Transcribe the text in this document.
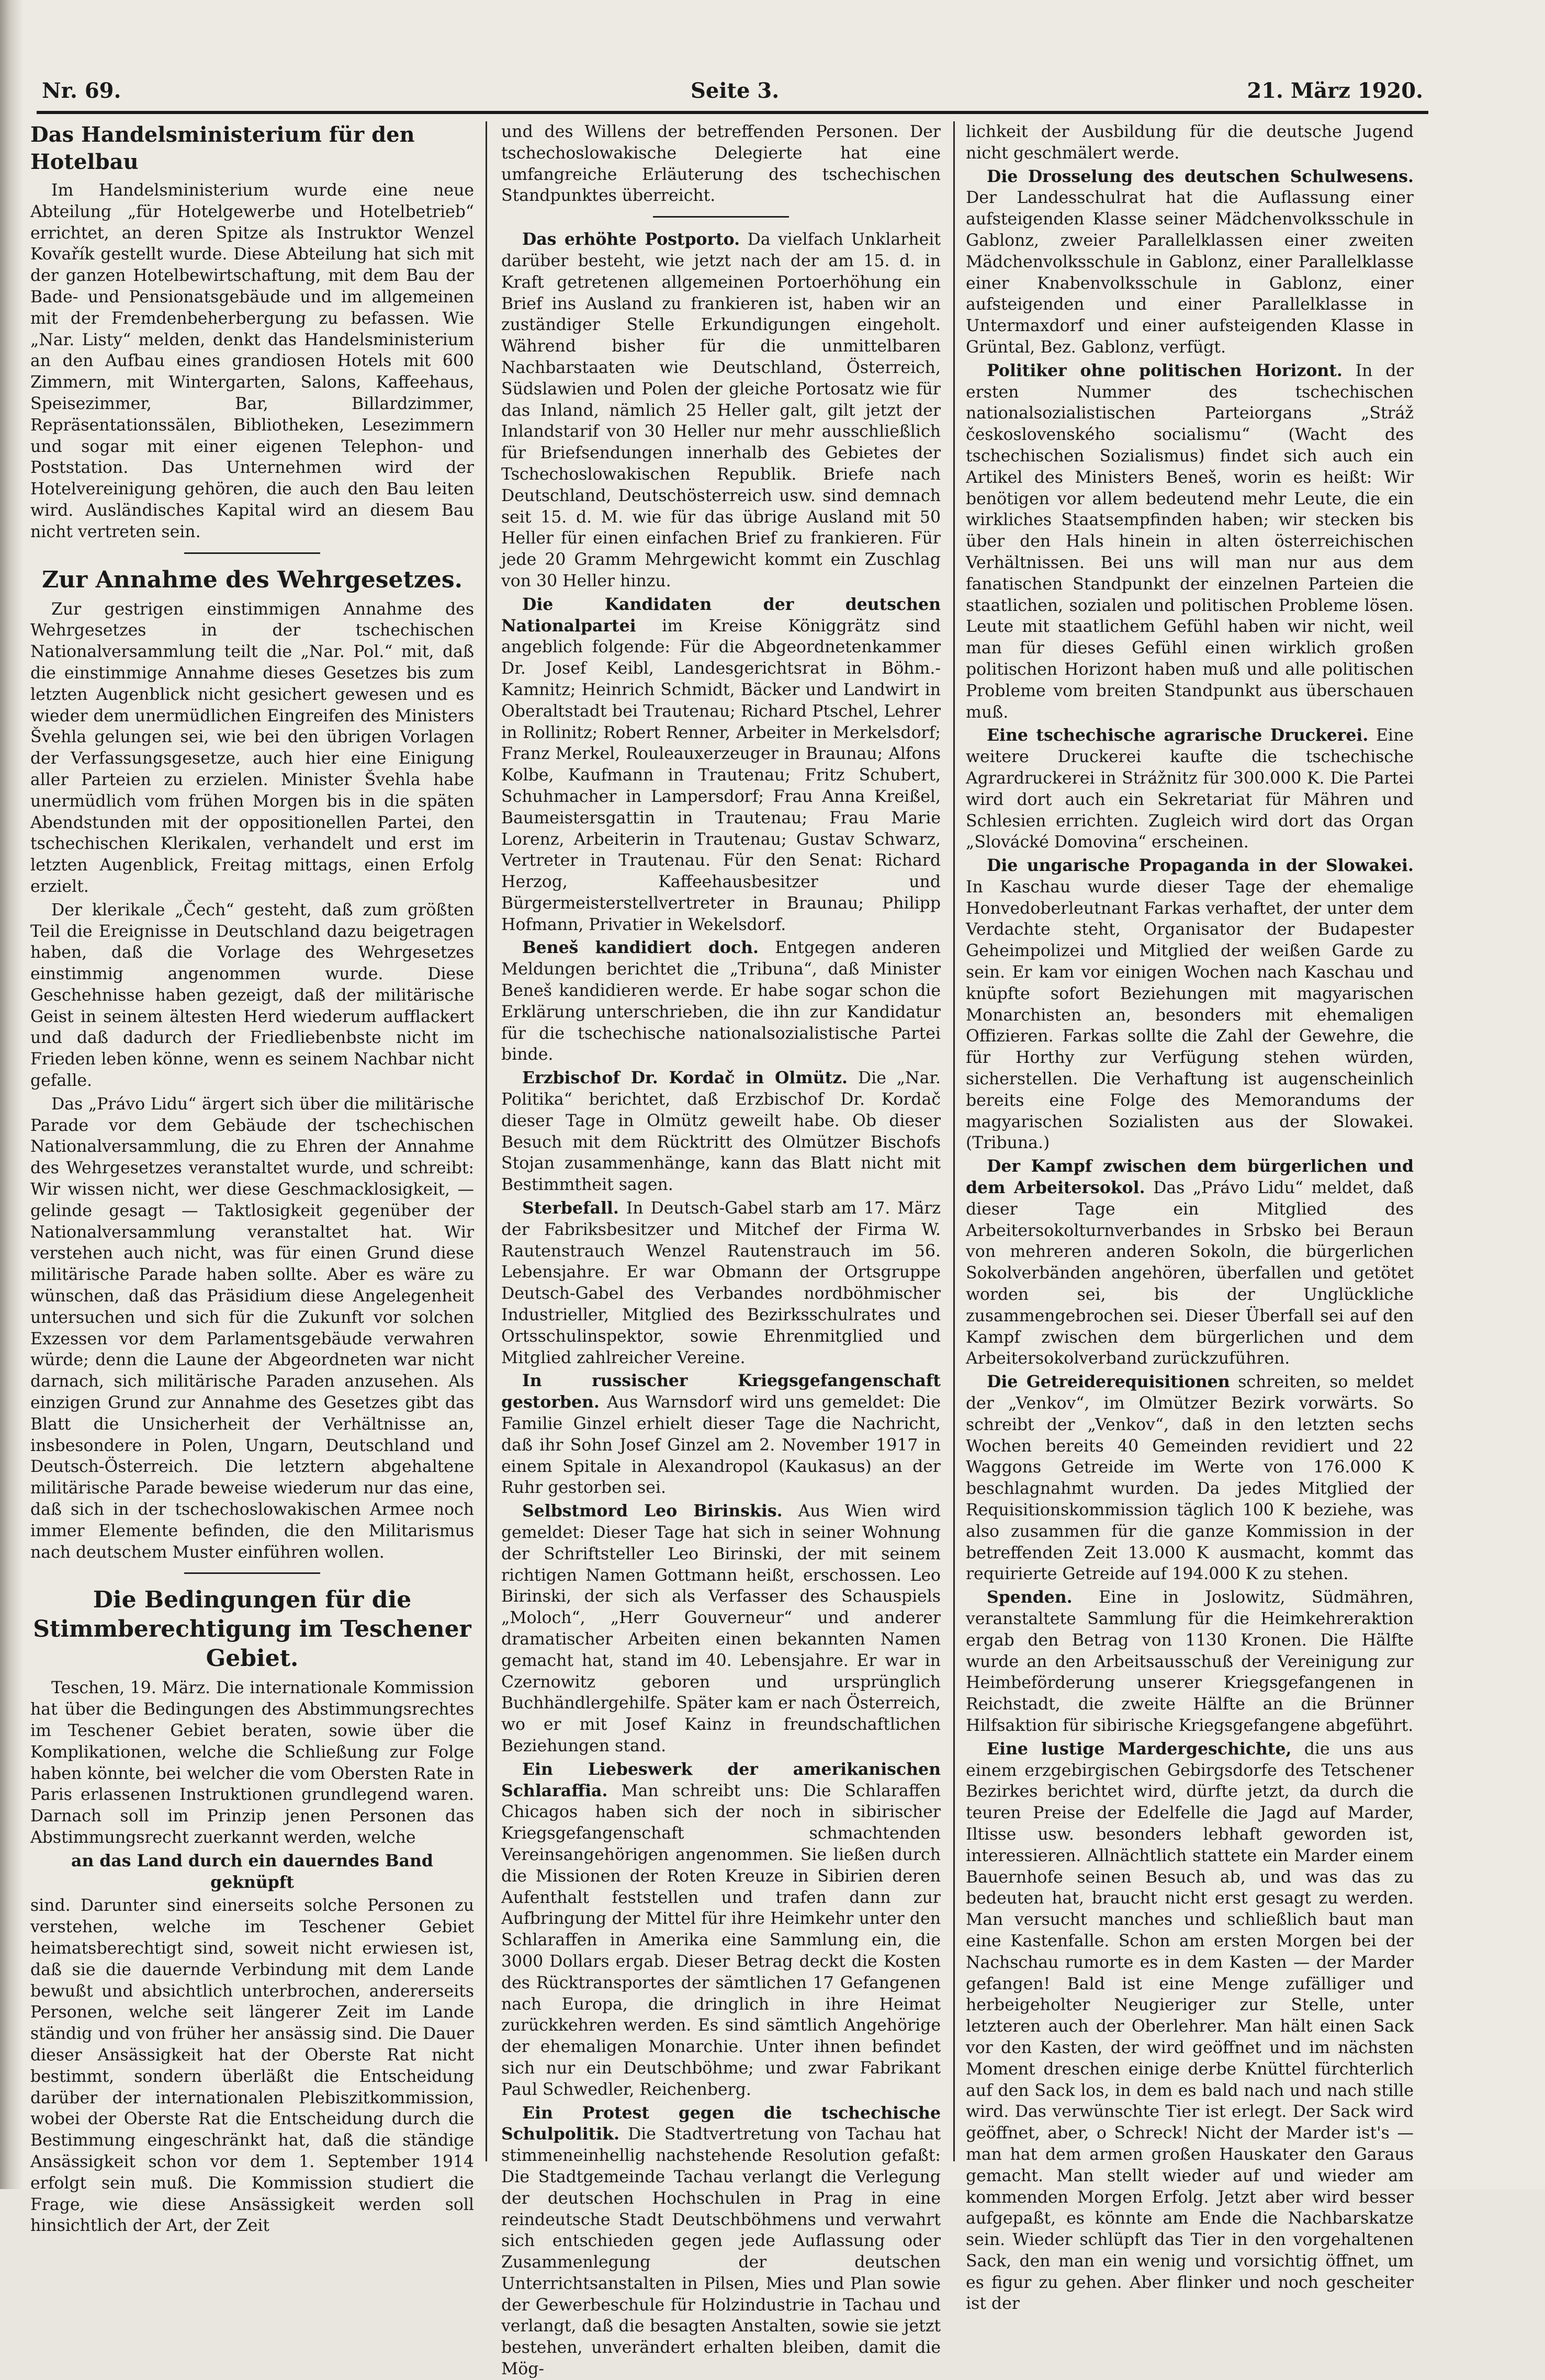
Nr. 69.	Seite 3.	21. März 1920.
Das Handelsministerium für den Hotelbau

Im Handelsministerium wurde eine neue Abteilung „für Hotelgewerbe und Hotelbetrieb“ errichtet, an deren Spitze als Instruktor Wenzel Kovařík gestellt wurde. Diese Abteilung hat sich mit der ganzen Hotelbewirtschaftung, mit dem Bau der Bade- und Pensionatsgebäude und im allgemeinen mit der Fremdenbeherbergung zu befassen. Wie „Nar. Listy“ melden, denkt das Handelsministerium an den Aufbau eines grandiosen Hotels mit 600 Zimmern, mit Wintergarten, Salons, Kaffeehaus, Speisezimmer, Bar, Billardzimmer, Repräsentationssälen, Bibliotheken, Lesezimmern und sogar mit einer eigenen Telephon- und Poststation. Das Unternehmen wird der Hotelvereinigung gehören, die auch den Bau leiten wird. Ausländisches Kapital wird an diesem Bau nicht vertreten sein.

Zur Annahme des Wehrgesetzes.

Zur gestrigen einstimmigen Annahme des Wehrgesetzes in der tschechischen Nationalversammlung teilt die „Nar. Pol.“ mit, daß die einstimmige Annahme dieses Gesetzes bis zum letzten Augenblick nicht gesichert gewesen und es wieder dem unermüdlichen Eingreifen des Ministers Švehla gelungen sei, wie bei den übrigen Vorlagen der Verfassungsgesetze, auch hier eine Einigung aller Parteien zu erzielen. Minister Švehla habe unermüdlich vom frühen Morgen bis in die späten Abendstunden mit der oppositionellen Partei, den tschechischen Klerikalen, verhandelt und erst im letzten Augenblick, Freitag mittags, einen Erfolg erzielt.

Der klerikale „Čech“ gesteht, daß zum größten Teil die Ereignisse in Deutschland dazu beigetragen haben, daß die Vorlage des Wehrgesetzes einstimmig angenommen wurde. Diese Geschehnisse haben gezeigt, daß der militärische Geist in seinem ältesten Herd wiederum aufflackert und daß dadurch der Friedliebenbste nicht im Frieden leben könne, wenn es seinem Nachbar nicht gefalle.

Das „Právo Lidu“ ärgert sich über die militärische Parade vor dem Gebäude der tschechischen Nationalversammlung, die zu Ehren der Annahme des Wehrgesetzes veranstaltet wurde, und schreibt: Wir wissen nicht, wer diese Geschmacklosigkeit, — gelinde gesagt — Taktlosigkeit gegenüber der Nationalversammlung veranstaltet hat. Wir verstehen auch nicht, was für einen Grund diese militärische Parade haben sollte. Aber es wäre zu wünschen, daß das Präsidium diese Angelegenheit untersuchen und sich für die Zukunft vor solchen Exzessen vor dem Parlamentsgebäude verwahren würde; denn die Laune der Abgeordneten war nicht darnach, sich militärische Paraden anzusehen. Als einzigen Grund zur Annahme des Gesetzes gibt das Blatt die Unsicherheit der Verhältnisse an, insbesondere in Polen, Ungarn, Deutschland und Deutsch-Österreich. Die letztern abgehaltene militärische Parade beweise wiederum nur das eine, daß sich in der tschechoslowakischen Armee noch immer Elemente befinden, die den Militarismus nach deutschem Muster einführen wollen.

Die Bedingungen für die Stimmberechtigung im Teschener Gebiet.

Teschen, 19. März. Die internationale Kommission hat über die Bedingungen des Abstimmungsrechtes im Teschener Gebiet beraten, sowie über die Komplikationen, welche die Schließung zur Folge haben könnte, bei welcher die vom Obersten Rate in Paris erlassenen Instruktionen grundlegend waren. Darnach soll im Prinzip jenen Personen das Abstimmungsrecht zuerkannt werden, welche

an das Land durch ein dauerndes Band geknüpft

sind. Darunter sind einerseits solche Personen zu verstehen, welche im Teschener Gebiet heimatsberechtigt sind, soweit nicht erwiesen ist, daß sie die dauernde Verbindung mit dem Lande bewußt und absichtlich unterbrochen, andererseits Personen, welche seit längerer Zeit im Lande ständig und von früher her ansässig sind. Die Dauer dieser Ansässigkeit hat der Oberste Rat nicht bestimmt, sondern überläßt die Entscheidung darüber der internationalen Plebiszitkommission, wobei der Oberste Rat die Entscheidung durch die Bestimmung eingeschränkt hat, daß die ständige Ansässigkeit schon vor dem 1. September 1914 erfolgt sein muß. Die Kommission studiert die Frage, wie diese Ansässigkeit werden soll hinsichtlich der Art, der Zeit

und des Willens der betreffenden Personen. Der tschechoslowakische Delegierte hat eine umfangreiche Erläuterung des tschechischen Standpunktes überreicht.

Das erhöhte Postporto. Da vielfach Unklarheit darüber besteht, wie jetzt nach der am 15. d. in Kraft getretenen allgemeinen Portoerhöhung ein Brief ins Ausland zu frankieren ist, haben wir an zuständiger Stelle Erkundigungen eingeholt. Während bisher für die unmittelbaren Nachbarstaaten wie Deutschland, Österreich, Südslawien und Polen der gleiche Portosatz wie für das Inland, nämlich 25 Heller galt, gilt jetzt der Inlandstarif von 30 Heller nur mehr ausschließlich für Briefsendungen innerhalb des Gebietes der Tschechoslowakischen Republik. Briefe nach Deutschland, Deutschösterreich usw. sind demnach seit 15. d. M. wie für das übrige Ausland mit 50 Heller für einen einfachen Brief zu frankieren. Für jede 20 Gramm Mehrgewicht kommt ein Zuschlag von 30 Heller hinzu.

Die Kandidaten der deutschen Nationalpartei im Kreise Königgrätz sind angeblich folgende: Für die Abgeordnetenkammer Dr. Josef Keibl, Landesgerichtsrat in Böhm.-Kamnitz; Heinrich Schmidt, Bäcker und Landwirt in Oberaltstadt bei Trautenau; Richard Ptschel, Lehrer in Rollinitz; Robert Renner, Arbeiter in Merkelsdorf; Franz Merkel, Rouleauxerzeuger in Braunau; Alfons Kolbe, Kaufmann in Trautenau; Fritz Schubert, Schuhmacher in Lampersdorf; Frau Anna Kreißel, Baumeistersgattin in Trautenau; Frau Marie Lorenz, Arbeiterin in Trautenau; Gustav Schwarz, Vertreter in Trautenau. Für den Senat: Richard Herzog, Kaffeehausbesitzer und Bürgermeisterstellvertreter in Braunau; Philipp Hofmann, Privatier in Wekelsdorf.

Beneš kandidiert doch. Entgegen anderen Meldungen berichtet die „Tribuna“, daß Minister Beneš kandidieren werde. Er habe sogar schon die Erklärung unterschrieben, die ihn zur Kandidatur für die tschechische nationalsozialistische Partei binde.

Erzbischof Dr. Kordač in Olmütz. Die „Nar. Politika“ berichtet, daß Erzbischof Dr. Kordač dieser Tage in Olmütz geweilt habe. Ob dieser Besuch mit dem Rücktritt des Olmützer Bischofs Stojan zusammenhänge, kann das Blatt nicht mit Bestimmtheit sagen.

Sterbefall. In Deutsch-Gabel starb am 17. März der Fabriksbesitzer und Mitchef der Firma W. Rautenstrauch Wenzel Rautenstrauch im 56. Lebensjahre. Er war Obmann der Ortsgruppe Deutsch-Gabel des Verbandes nordböhmischer Industrieller, Mitglied des Bezirksschulrates und Ortsschulinspektor, sowie Ehrenmitglied und Mitglied zahlreicher Vereine.

In russischer Kriegsgefangenschaft gestorben. Aus Warnsdorf wird uns gemeldet: Die Familie Ginzel erhielt dieser Tage die Nachricht, daß ihr Sohn Josef Ginzel am 2. November 1917 in einem Spitale in Alexandropol (Kaukasus) an der Ruhr gestorben sei.

Selbstmord Leo Birinskis. Aus Wien wird gemeldet: Dieser Tage hat sich in seiner Wohnung der Schriftsteller Leo Birinski, der mit seinem richtigen Namen Gottmann heißt, erschossen. Leo Birinski, der sich als Verfasser des Schauspiels „Moloch“, „Herr Gouverneur“ und anderer dramatischer Arbeiten einen bekannten Namen gemacht hat, stand im 40. Lebensjahre. Er war in Czernowitz geboren und ursprünglich Buchhändlergehilfe. Später kam er nach Österreich, wo er mit Josef Kainz in freundschaftlichen Beziehungen stand.

Ein Liebeswerk der amerikanischen Schlaraffia. Man schreibt uns: Die Schlaraffen Chicagos haben sich der noch in sibirischer Kriegsgefangenschaft schmachtenden Vereinsangehörigen angenommen. Sie ließen durch die Missionen der Roten Kreuze in Sibirien deren Aufenthalt feststellen und trafen dann zur Aufbringung der Mittel für ihre Heimkehr unter den Schlaraffen in Amerika eine Sammlung ein, die 3000 Dollars ergab. Dieser Betrag deckt die Kosten des Rücktransportes der sämtlichen 17 Gefangenen nach Europa, die dringlich in ihre Heimat zurückkehren werden. Es sind sämtlich Angehörige der ehemaligen Monarchie. Unter ihnen befindet sich nur ein Deutschböhme; und zwar Fabrikant Paul Schwedler, Reichenberg.

Ein Protest gegen die tschechische Schulpolitik. Die Stadtvertretung von Tachau hat stimmeneinhellig nachstehende Resolution gefaßt: Die Stadtgemeinde Tachau verlangt die Verlegung der deutschen Hochschulen in Prag in eine reindeutsche Stadt Deutschböhmens und verwahrt sich entschieden gegen jede Auflassung oder Zusammenlegung der deutschen Unterrichtsanstalten in Pilsen, Mies und Plan sowie der Gewerbeschule für Holzindustrie in Tachau und verlangt, daß die besagten Anstalten, sowie sie jetzt bestehen, unverändert erhalten bleiben, damit die Mög-

lichkeit der Ausbildung für die deutsche Jugend nicht geschmälert werde.

Die Drosselung des deutschen Schulwesens. Der Landesschulrat hat die Auflassung einer aufsteigenden Klasse seiner Mädchenvolksschule in Gablonz, zweier Parallelklassen einer zweiten Mädchenvolksschule in Gablonz, einer Parallelklasse einer Knabenvolksschule in Gablonz, einer aufsteigenden und einer Parallelklasse in Untermaxdorf und einer aufsteigenden Klasse in Grüntal, Bez. Gablonz, verfügt.

Politiker ohne politischen Horizont. In der ersten Nummer des tschechischen nationalsozialistischen Parteiorgans „Stráž československého socialismu“ (Wacht des tschechischen Sozialismus) findet sich auch ein Artikel des Ministers Beneš, worin es heißt: Wir benötigen vor allem bedeutend mehr Leute, die ein wirkliches Staatsempfinden haben; wir stecken bis über den Hals hinein in alten österreichischen Verhältnissen. Bei uns will man nur aus dem fanatischen Standpunkt der einzelnen Parteien die staatlichen, sozialen und politischen Probleme lösen. Leute mit staatlichem Gefühl haben wir nicht, weil man für dieses Gefühl einen wirklich großen politischen Horizont haben muß und alle politischen Probleme vom breiten Standpunkt aus überschauen muß.

Eine tschechische agrarische Druckerei. Eine weitere Druckerei kaufte die tschechische Agrardruckerei in Strážnitz für 300.000 K. Die Partei wird dort auch ein Sekretariat für Mähren und Schlesien errichten. Zugleich wird dort das Organ „Slovácké Domovina“ erscheinen.

Die ungarische Propaganda in der Slowakei. In Kaschau wurde dieser Tage der ehemalige Honvedoberleutnant Farkas verhaftet, der unter dem Verdachte steht, Organisator der Budapester Geheimpolizei und Mitglied der weißen Garde zu sein. Er kam vor einigen Wochen nach Kaschau und knüpfte sofort Beziehungen mit magyarischen Monarchisten an, besonders mit ehemaligen Offizieren. Farkas sollte die Zahl der Gewehre, die für Horthy zur Verfügung stehen würden, sicherstellen. Die Verhaftung ist augenscheinlich bereits eine Folge des Memorandums der magyarischen Sozialisten aus der Slowakei. (Tribuna.)

Der Kampf zwischen dem bürgerlichen und dem Arbeitersokol. Das „Právo Lidu“ meldet, daß dieser Tage ein Mitglied des Arbeitersokolturnverbandes in Srbsko bei Beraun von mehreren anderen Sokoln, die bürgerlichen Sokolverbänden angehören, überfallen und getötet worden sei, bis der Unglückliche zusammengebrochen sei. Dieser Überfall sei auf den Kampf zwischen dem bürgerlichen und dem Arbeitersokolverband zurückzuführen.

Die Getreiderequisitionen schreiten, so meldet der „Venkov“, im Olmützer Bezirk vorwärts. So schreibt der „Venkov“, daß in den letzten sechs Wochen bereits 40 Gemeinden revidiert und 22 Waggons Getreide im Werte von 176.000 K beschlagnahmt wurden. Da jedes Mitglied der Requisitionskommission täglich 100 K beziehe, was also zusammen für die ganze Kommission in der betreffenden Zeit 13.000 K ausmacht, kommt das requirierte Getreide auf 194.000 K zu stehen.

Spenden. Eine in Joslowitz, Südmähren, veranstaltete Sammlung für die Heimkehreraktion ergab den Betrag von 1130 Kronen. Die Hälfte wurde an den Arbeitsausschuß der Vereinigung zur Heimbeförderung unserer Kriegsgefangenen in Reichstadt, die zweite Hälfte an die Brünner Hilfsaktion für sibirische Kriegsgefangene abgeführt.

Eine lustige Mardergeschichte, die uns aus einem erzgebirgischen Gebirgsdorfe des Tetschener Bezirkes berichtet wird, dürfte jetzt, da durch die teuren Preise der Edelfelle die Jagd auf Marder, Iltisse usw. besonders lebhaft geworden ist, interessieren. Allnächtlich stattete ein Marder einem Bauernhofe seinen Besuch ab, und was das zu bedeuten hat, braucht nicht erst gesagt zu werden. Man versucht manches und schließlich baut man eine Kastenfalle. Schon am ersten Morgen bei der Nachschau rumorte es in dem Kasten — der Marder gefangen! Bald ist eine Menge zufälliger und herbeigeholter Neugieriger zur Stelle, unter letzteren auch der Oberlehrer. Man hält einen Sack vor den Kasten, der wird geöffnet und im nächsten Moment dreschen einige derbe Knüttel fürchterlich auf den Sack los, in dem es bald nach und nach stille wird. Das verwünschte Tier ist erlegt. Der Sack wird geöffnet, aber, o Schreck! Nicht der Marder ist's — man hat dem armen großen Hauskater den Garaus gemacht. Man stellt wieder auf und wieder am kommenden Morgen Erfolg. Jetzt aber wird besser aufgepaßt, es könnte am Ende die Nachbarskatze sein. Wieder schlüpft das Tier in den vorgehaltenen Sack, den man ein wenig und vorsichtig öffnet, um es figur zu gehen. Aber flinker und noch gescheiter ist der
